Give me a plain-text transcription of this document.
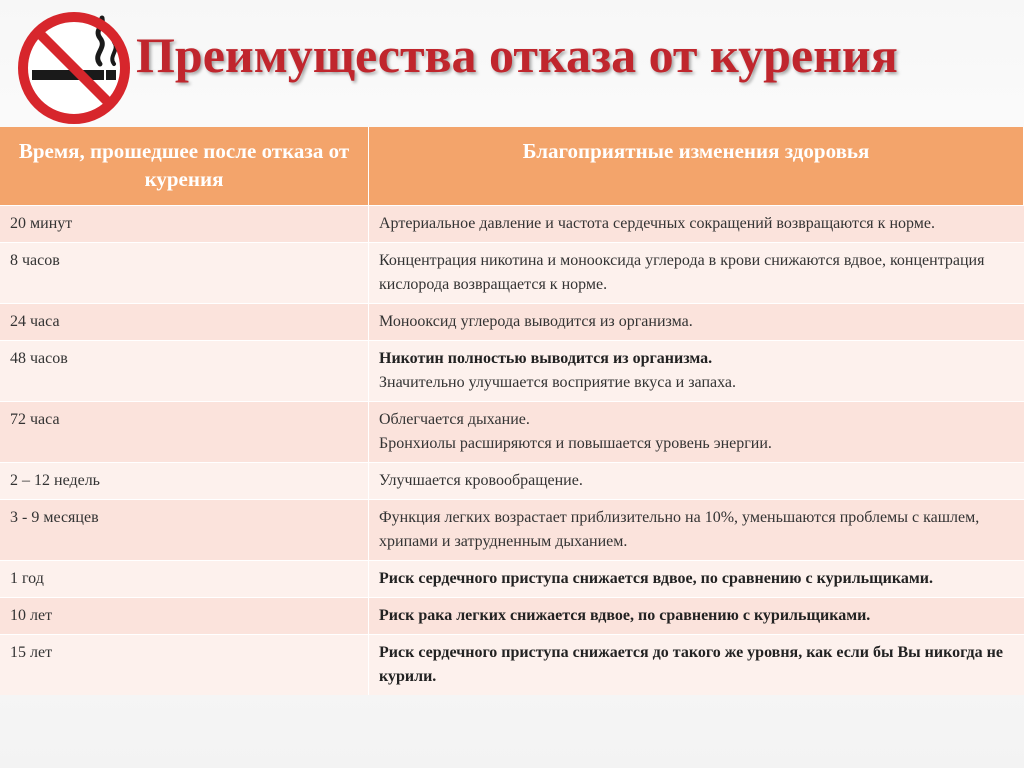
Преимущества отказа от курения
Время, прошедшее после отказа от курения	Благоприятные изменения здоровья
20 минут	Артериальное давление и частота сердечных сокращений возвращаются к норме.

8 часов	Концентрация никотина и монооксида углерода в крови снижаются вдвое, концентрация кислорода возвращается к норме.

24 часа	Монооксид углерода выводится из организма.

48 часов	Никотин полностью выводится из организма.
Значительно улучшается восприятие вкуса и запаха.

72 часа	Облегчается дыхание.
Бронхиолы расширяются и повышается уровень энергии.

2 – 12 недель	Улучшается кровообращение.

3 - 9 месяцев	Функция легких возрастает приблизительно на 10%, уменьшаются проблемы с кашлем, хрипами и затрудненным дыханием.

1 год	Риск сердечного приступа снижается вдвое, по сравнению с курильщиками.

10 лет	Риск рака легких снижается вдвое, по сравнению с курильщиками.

15 лет	Риск сердечного приступа снижается до такого же уровня, как если бы Вы никогда не курили.
